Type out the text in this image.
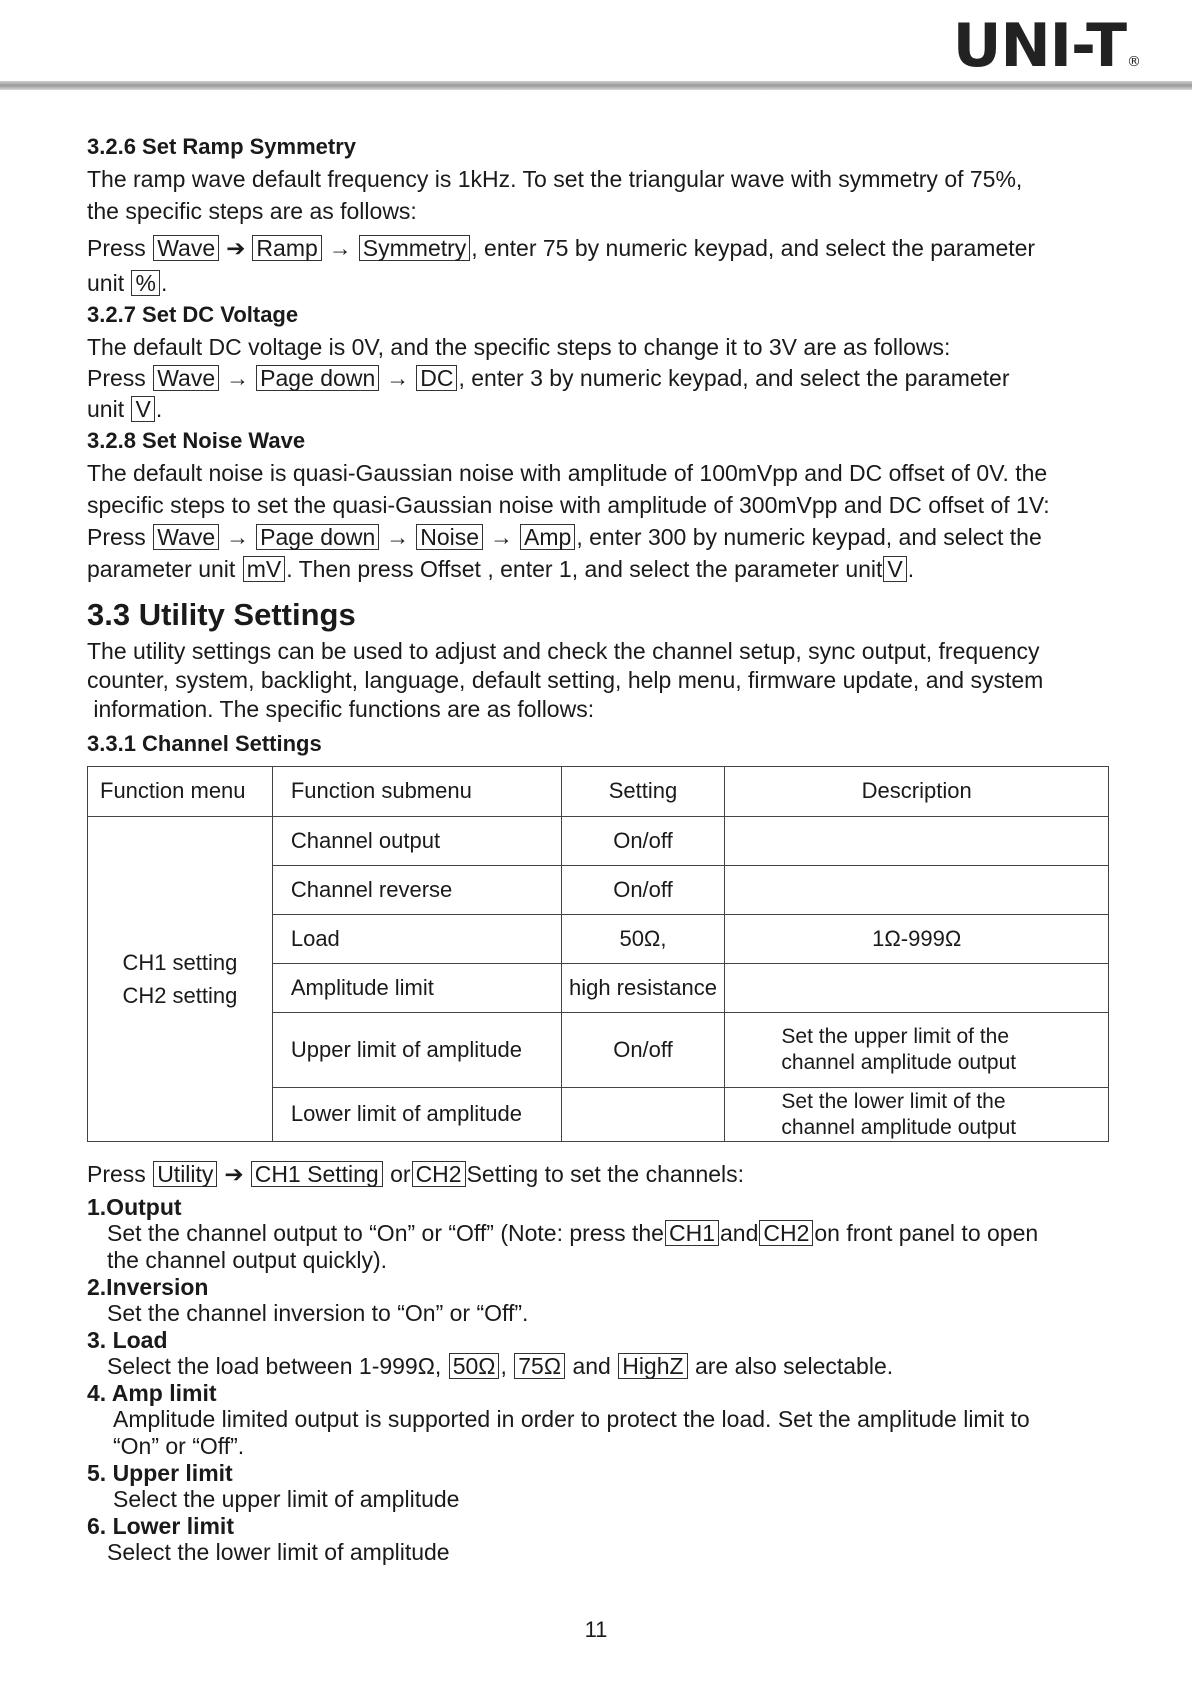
UNI-T®
3.2.6 Set Ramp Symmetry

The ramp wave default frequency is 1kHz. To set the triangular wave with symmetry of 75%,

the specific steps are as follows:

Press Wave ➔ Ramp → Symmetry , enter 75 by numeric keypad, and select the parameter

unit % .

3.2.7 Set DC Voltage

The default DC voltage is 0V, and the specific steps to change it to 3V are as follows:

Press Wave → Page down → DC , enter 3 by numeric keypad, and select the parameter

unit V .

3.2.8 Set Noise Wave

The default noise is quasi-Gaussian noise with amplitude of 100mVpp and DC offset of 0V. the

specific steps to set the quasi-Gaussian noise with amplitude of 300mVpp and DC offset of 1V:

Press Wave → Page down → Noise → Amp , enter 300 by numeric keypad, and select the

parameter unit mV . Then press Offset , enter 1, and select the parameter unit V .

3.3 Utility Settings

The utility settings can be used to adjust and check the channel setup, sync output, frequency

counter, system, backlight, language, default setting, help menu, firmware update, and system

information. The specific functions are as follows:

3.3.1 Channel Settings
Function menu	Function submenu	Setting	Description

CH1 setting
CH2 setting	Channel output	On/off	

	Channel reverse	On/off	

	Load	50Ω,	1Ω-999Ω

	Amplitude limit	high resistance	

	Upper limit of amplitude	On/off	Set the upper limit of the
channel amplitude output

	Lower limit of amplitude		Set the lower limit of the
channel amplitude output

Press Utility ➔ CH1 Setting or CH2 Setting to set the channels:

1.Output
Set the channel output to “On” or “Off” (Note: press the CH1 and CH2 on front panel to open
the channel output quickly).
2.Inversion
Set the channel inversion to “On” or “Off”.
3. Load
Select the load between 1-999Ω, 50Ω , 75Ω and HighZ are also selectable.
4. Amp limit
Amplitude limited output is supported in order to protect the load. Set the amplitude limit to
“On” or “Off”.
5. Upper limit
Select the upper limit of amplitude
6. Lower limit
Select the lower limit of amplitude
11
